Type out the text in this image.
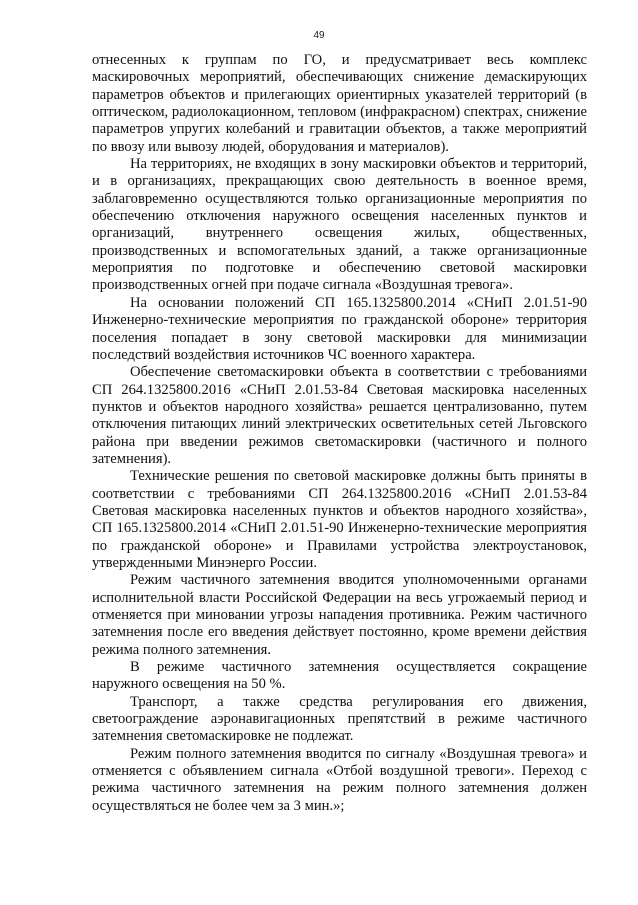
49

отнесенных к группам по ГО, и предусматривает весь комплекс маскировочных мероприятий, обеспечивающих снижение демаскирующих параметров объектов и прилегающих ориентирных указателей территорий (в оптическом, радиолокационном, тепловом (инфракрасном) спектрах, снижение параметров упругих колебаний и гравитации объектов, а также мероприятий по ввозу или вывозу людей, оборудования и материалов).

На территориях, не входящих в зону маскировки объектов и территорий, и в организациях, прекращающих свою деятельность в военное время, заблаговременно осуществляются только организационные мероприятия по обеспечению отключения наружного освещения населенных пунктов и организаций, внутреннего освещения жилых, общественных, производственных и вспомогательных зданий, а также организационные мероприятия по подготовке и обеспечению световой маскировки производственных огней при подаче сигнала «Воздушная тревога».

На основании положений СП 165.1325800.2014 «СНиП 2.01.51-90 Инженерно-технические мероприятия по гражданской обороне» территория поселения попадает в зону световой маскировки для минимизации последствий воздействия источников ЧС военного характера.

Обеспечение светомаскировки объекта в соответствии с требованиями СП 264.1325800.2016 «СНиП 2.01.53-84 Световая маскировка населенных пунктов и объектов народного хозяйства» решается централизованно, путем отключения питающих линий электрических осветительных сетей Льговского района при введении режимов светомаскировки (частичного и полного затемнения).

Технические решения по световой маскировке должны быть приняты в соответствии с требованиями СП 264.1325800.2016 «СНиП 2.01.53-84 Световая маскировка населенных пунктов и объектов народного хозяйства», СП 165.1325800.2014 «СНиП 2.01.51-90 Инженерно-технические мероприятия по гражданской обороне» и Правилами устройства электроустановок, утвержденными Минэнерго России.

Режим частичного затемнения вводится уполномоченными органами исполнительной власти Российской Федерации на весь угрожаемый период и отменяется при миновании угрозы нападения противника. Режим частичного затемнения после его введения действует постоянно, кроме времени действия режима полного затемнения.

В режиме частичного затемнения осуществляется сокращение наружного освещения на 50 %.

Транспорт, а также средства регулирования его движения, светоограждение аэронавигационных препятствий в режиме частичного затемнения светомаскировке не подлежат.

Режим полного затемнения вводится по сигналу «Воздушная тревога» и отменяется с объявлением сигнала «Отбой воздушной тревоги». Переход с режима частичного затемнения на режим полного затемнения должен осуществляться не более чем за 3 мин.»;
